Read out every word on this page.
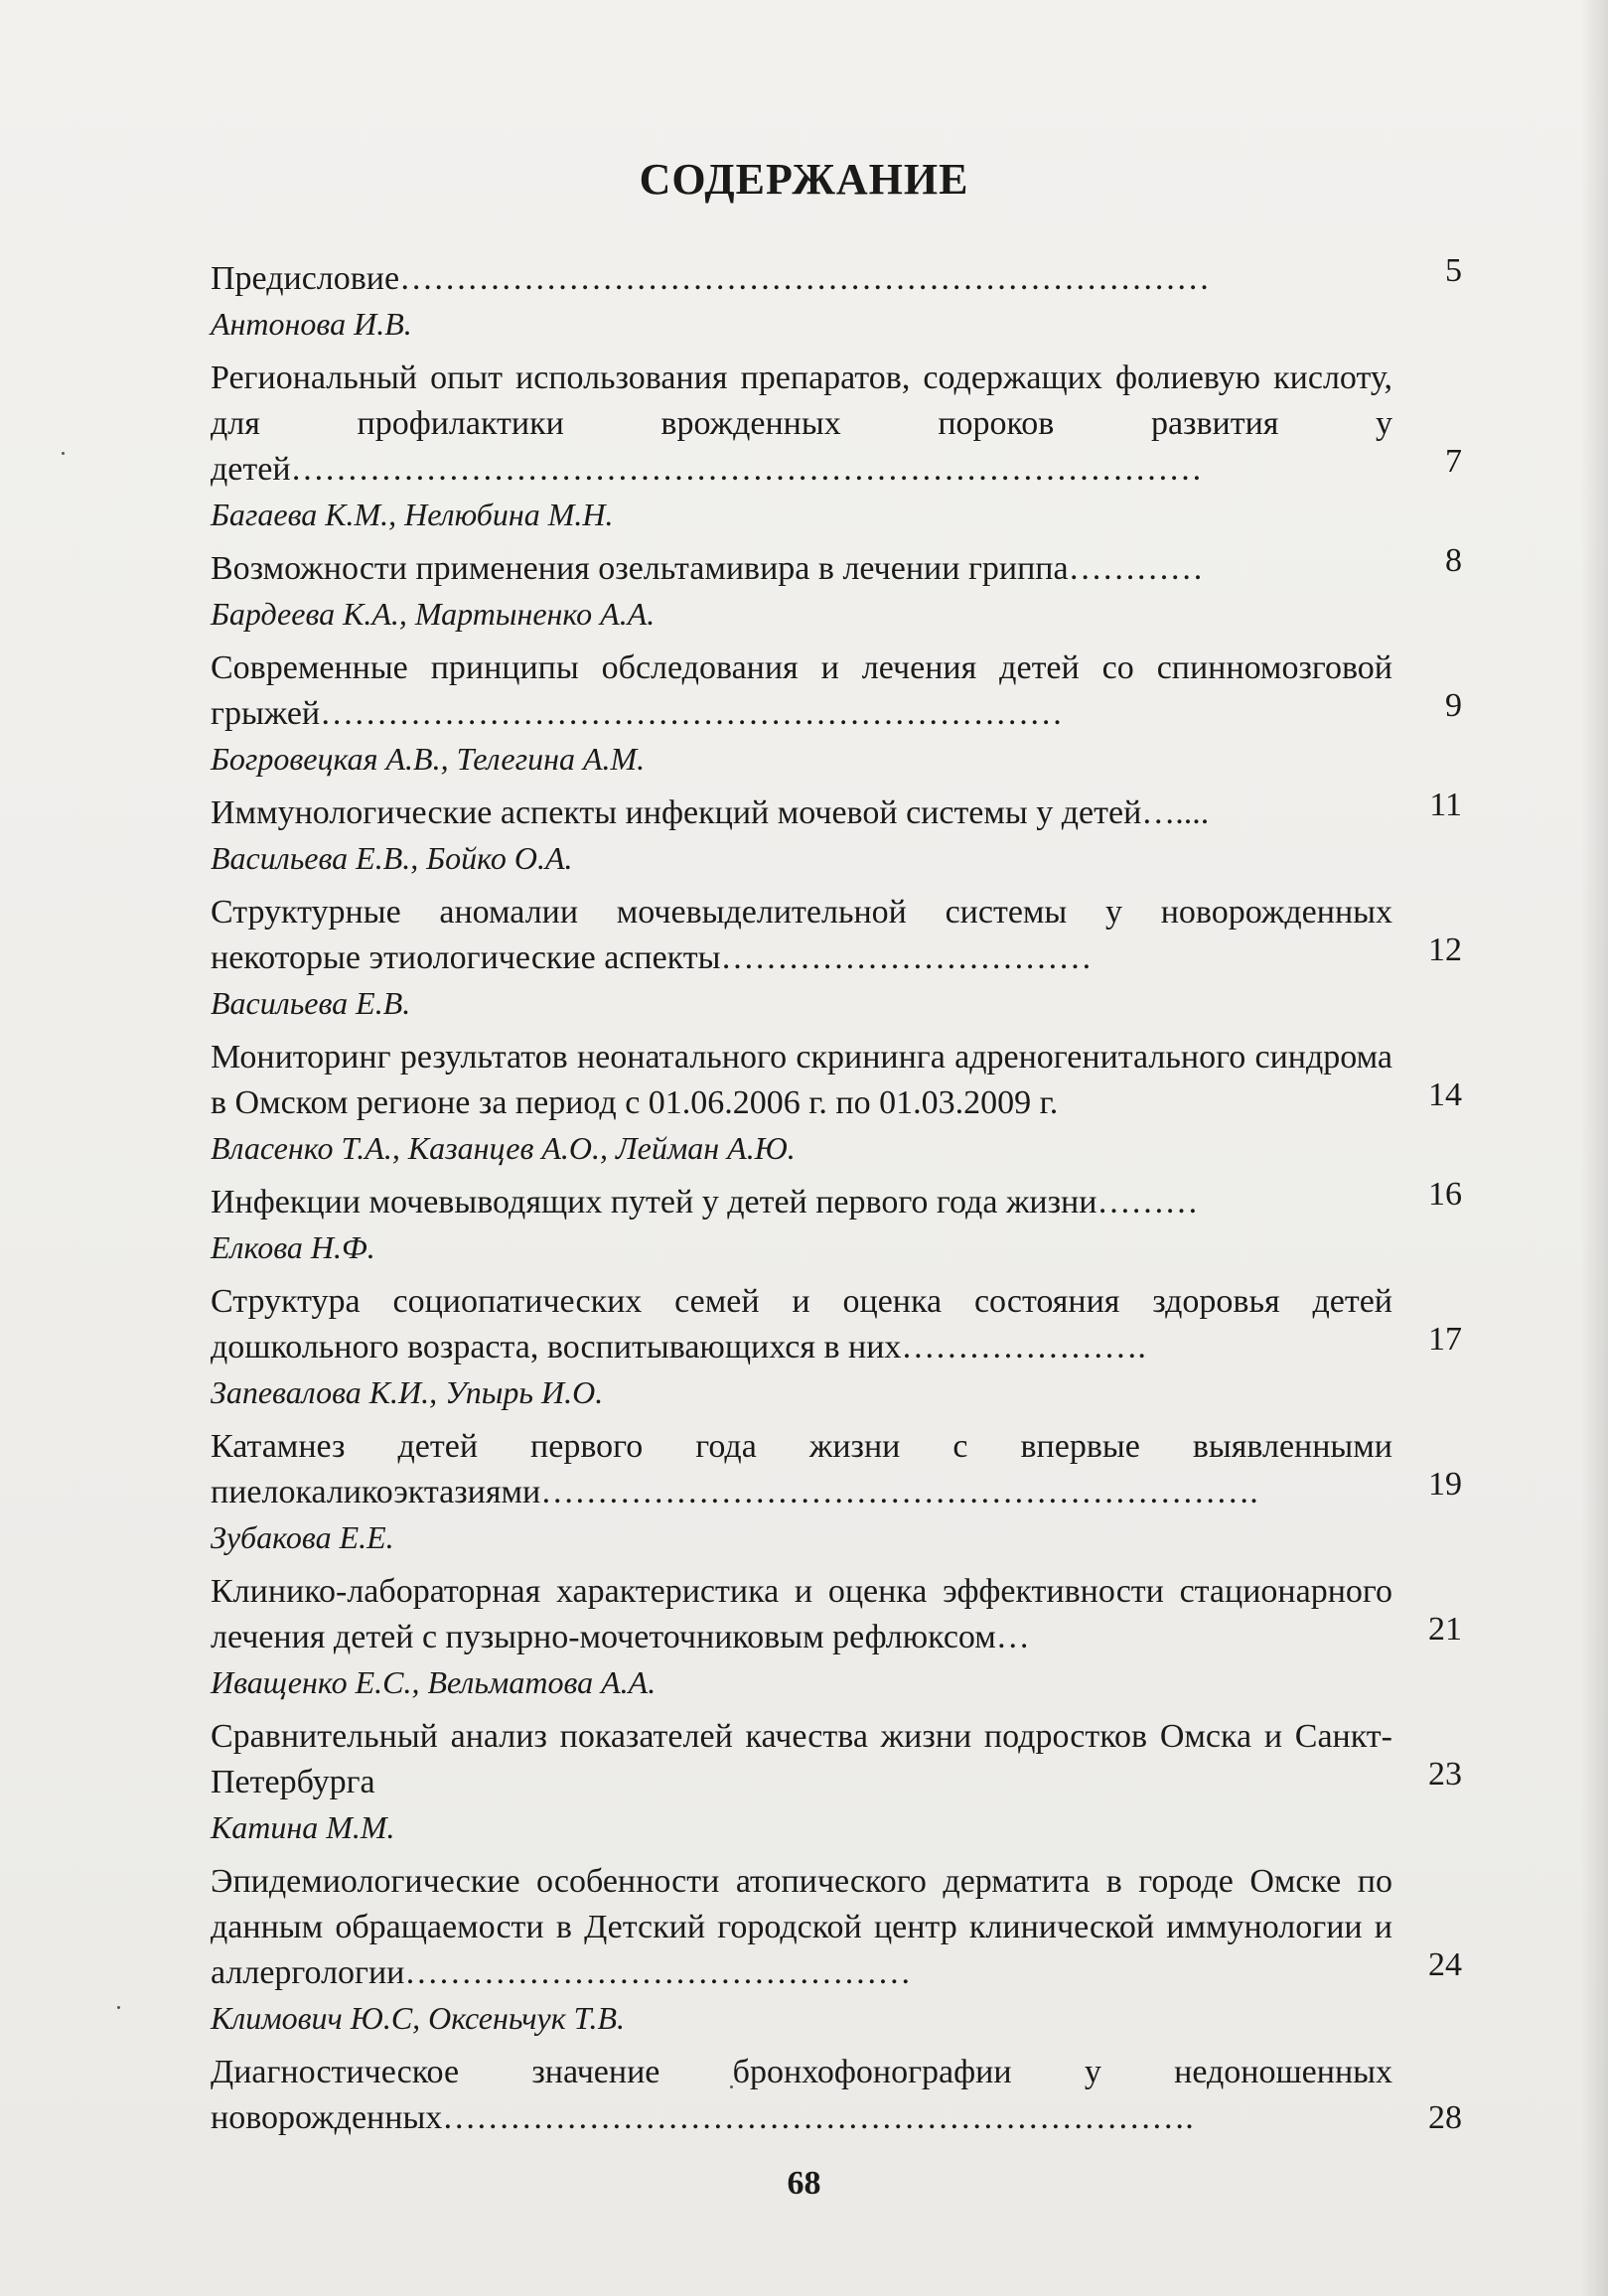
СОДЕРЖАНИЕ
Предисловие………………………………………………………………	5
Антонова И.В.
Региональный опыт использования препаратов, содержащих фолиевую кислоту, для профилактики врожденных пороков развития у детей………………………………………………………………………	7
Багаева К.М., Нелюбина М.Н.
Возможности применения озельтамивира в лечении гриппа…………	8
Бардеева К.А., Мартыненко А.А.
Современные принципы обследования и лечения детей со спинномозговой грыжей…………………………………………………………	9
Богровецкая А.В., Телегина А.М.
Иммунологические аспекты инфекций мочевой системы у детей…....	11
Васильева Е.В., Бойко О.А.
Структурные аномалии мочевыделительной системы у новорожденных некоторые этиологические аспекты……………………………	12
Васильева Е.В.
Мониторинг результатов неонатального скрининга адреногенитального синдрома в Омском регионе за период с 01.06.2006 г. по 01.03.2009 г.	14
Власенко Т.А., Казанцев А.О., Лейман А.Ю.
Инфекции мочевыводящих путей у детей первого года жизни………	16
Елкова Н.Ф.
Структура социопатических семей и оценка состояния здоровья детей дошкольного возраста, воспитывающихся в них………………….	17
Запевалова К.И., Упырь И.О.
Катамнез детей первого года жизни с впервые выявленными пиелокаликоэктазиями……………………………………………………….	19
Зубакова Е.Е.
Клинико-лабораторная характеристика и оценка эффективности стационарного лечения детей с пузырно-мочеточниковым рефлюксом…	21
Иващенко Е.С., Вельматова А.А.
Сравнительный анализ показателей качества жизни подростков Омска и Санкт-Петербурга	23
Катина М.М.
Эпидемиологические особенности атопического дерматита в городе Омске по данным обращаемости в Детский городской центр клинической иммунологии и аллергологии………………………………………	24
Климович Ю.С, Оксеньчук Т.В.
Диагностическое значение бронхофонографии у недоношенных новорожденных………………………………………………………….	28
68
